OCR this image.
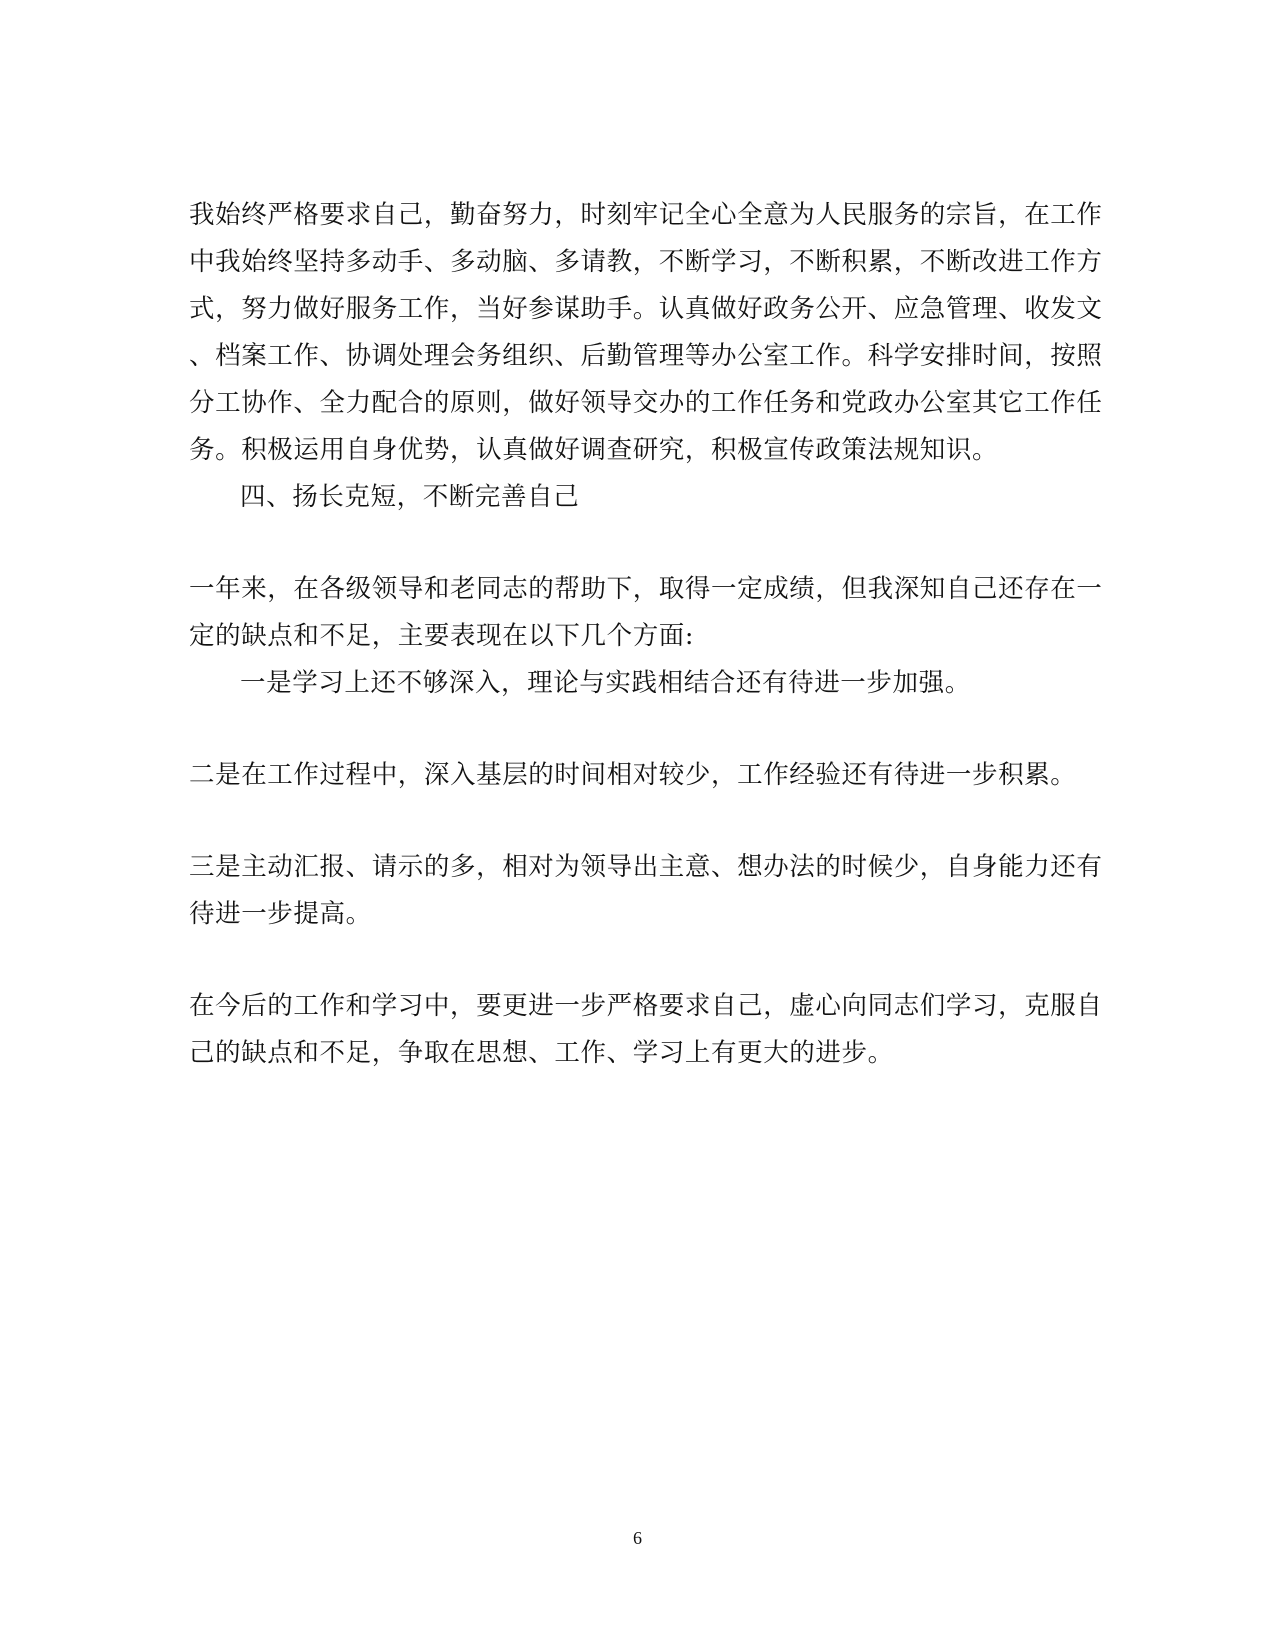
我始终严格要求自己，勤奋努力，时刻牢记全心全意为人民服务的宗旨，在工作
中我始终坚持多动手、多动脑、多请教，不断学习，不断积累，不断改进工作方
式，努力做好服务工作，当好参谋助手。认真做好政务公开、应急管理、收发文
、档案工作、协调处理会务组织、后勤管理等办公室工作。科学安排时间，按照
分工协作、全力配合的原则，做好领导交办的工作任务和党政办公室其它工作任
务。积极运用自身优势，认真做好调查研究，积极宣传政策法规知识。
四、扬长克短，不断完善自己
一年来，在各级领导和老同志的帮助下，取得一定成绩，但我深知自己还存在一
定的缺点和不足，主要表现在以下几个方面:
一是学习上还不够深入，理论与实践相结合还有待进一步加强。
二是在工作过程中，深入基层的时间相对较少，工作经验还有待进一步积累。
三是主动汇报、请示的多，相对为领导出主意、想办法的时候少，自身能力还有
待进一步提高。
在今后的工作和学习中，要更进一步严格要求自己，虚心向同志们学习，克服自
己的缺点和不足，争取在思想、工作、学习上有更大的进步。
6
